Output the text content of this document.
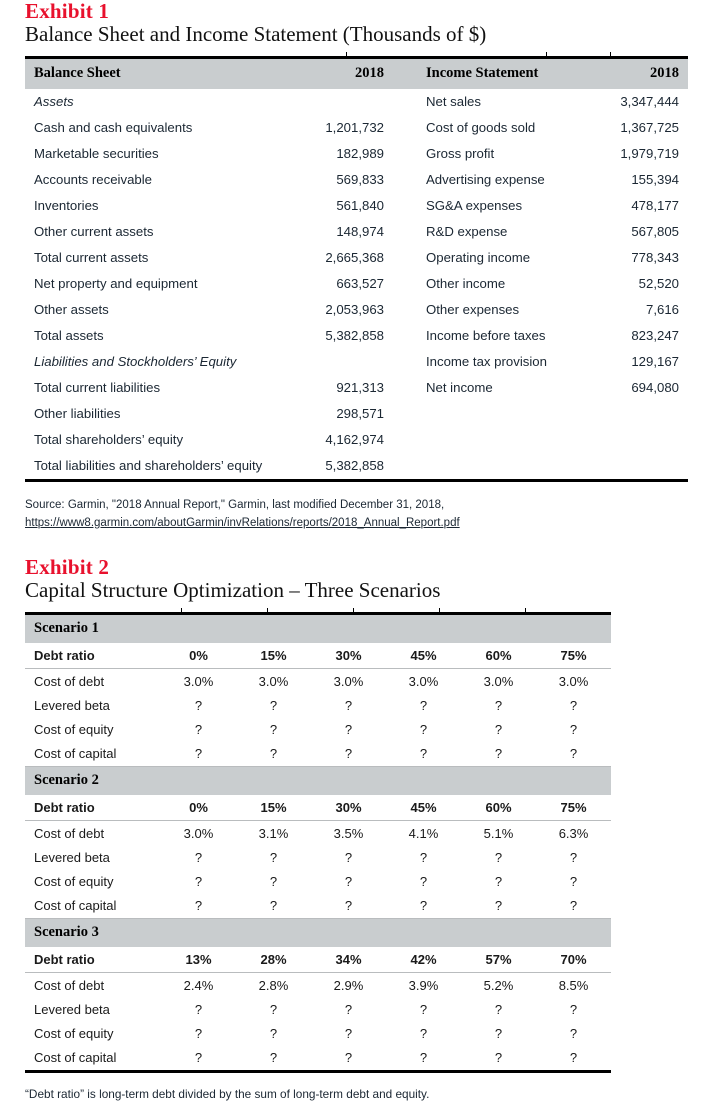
Exhibit 1
Balance Sheet and Income Statement (Thousands of $)
Balance Sheet	2018	Income Statement	2018
Assets		Net sales	3,347,444
Cash and cash equivalents	1,201,732	Cost of goods sold	1,367,725
Marketable securities	182,989	Gross profit	1,979,719
Accounts receivable	569,833	Advertising expense	155,394
Inventories	561,840	SG&A expenses	478,177
Other current assets	148,974	R&D expense	567,805
Total current assets	2,665,368	Operating income	778,343
Net property and equipment	663,527	Other income	52,520
Other assets	2,053,963	Other expenses	7,616
Total assets	5,382,858	Income before taxes	823,247
Liabilities and Stockholders’ Equity		Income tax provision	129,167
Total current liabilities	921,313	Net income	694,080
Other liabilities	298,571		
Total shareholders’ equity	4,162,974		
Total liabilities and shareholders’ equity	5,382,858		
Source: Garmin, "2018 Annual Report," Garmin, last modified December 31, 2018,
https://www8.garmin.com/aboutGarmin/invRelations/reports/2018_Annual_Report.pdf
Exhibit 2
Capital Structure Optimization – Three Scenarios
Scenario 1						
Debt ratio	0%	15%	30%	45%	60%	75%
Cost of debt	3.0%	3.0%	3.0%	3.0%	3.0%	3.0%
Levered beta	?	?	?	?	?	?
Cost of equity	?	?	?	?	?	?
Cost of capital	?	?	?	?	?	?
Scenario 2						
Debt ratio	0%	15%	30%	45%	60%	75%
Cost of debt	3.0%	3.1%	3.5%	4.1%	5.1%	6.3%
Levered beta	?	?	?	?	?	?
Cost of equity	?	?	?	?	?	?
Cost of capital	?	?	?	?	?	?
Scenario 3						
Debt ratio	13%	28%	34%	42%	57%	70%
Cost of debt	2.4%	2.8%	2.9%	3.9%	5.2%	8.5%
Levered beta	?	?	?	?	?	?
Cost of equity	?	?	?	?	?	?
Cost of capital	?	?	?	?	?	?
“Debt ratio” is long-term debt divided by the sum of long-term debt and equity.
